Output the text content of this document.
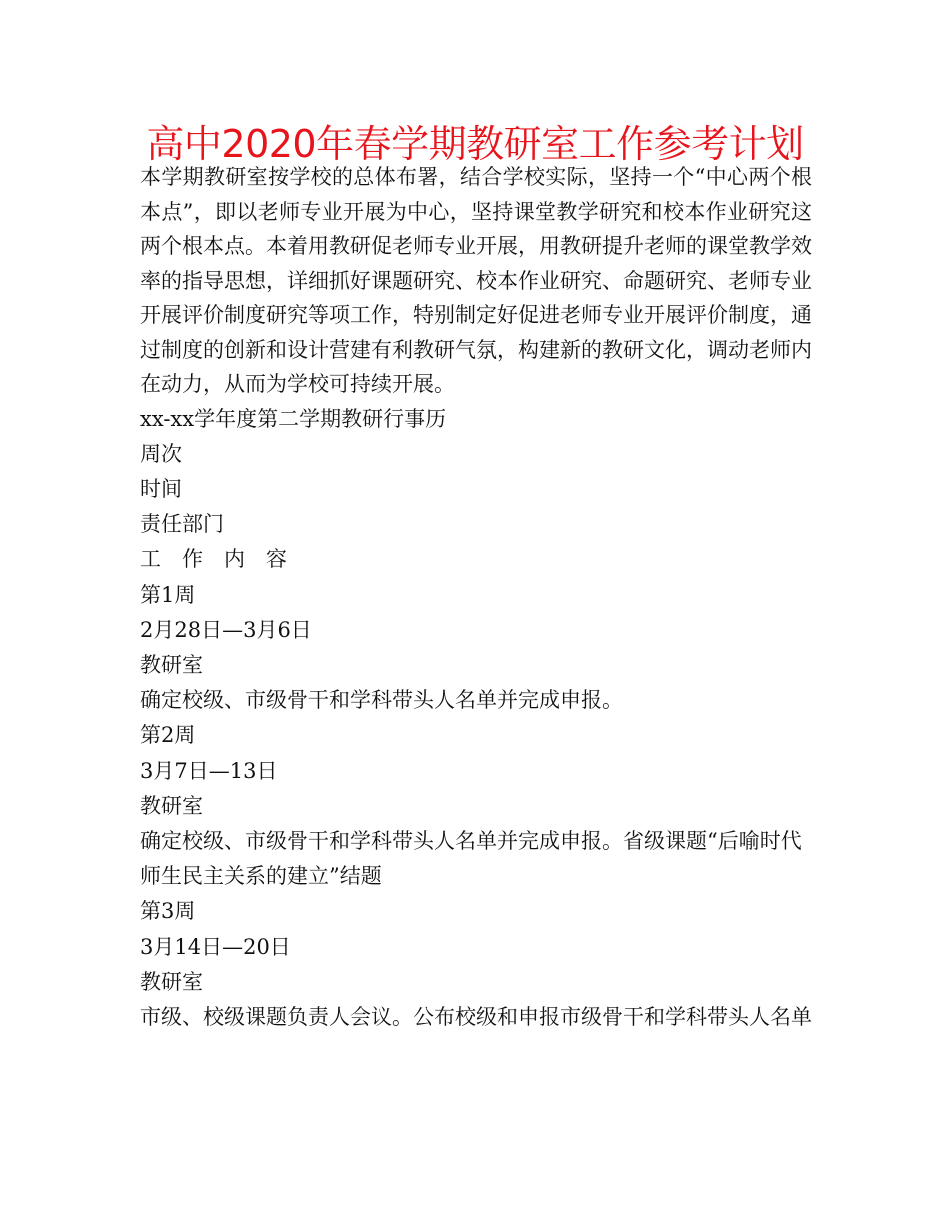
高中2020年春学期教研室工作参考计划

本学期教研室按学校的总体布署，结合学校实际，坚持一个“中心两个根本点”，即以老师专业开展为中心，坚持课堂教学研究和校本作业研究这两个根本点。本着用教研促老师专业开展，用教研提升老师的课堂教学效率的指导思想，详细抓好课题研究、校本作业研究、命题研究、老师专业开展评价制度研究等项工作，特别制定好促进老师专业开展评价制度，通过制度的创新和设计营建有利教研气氛，构建新的教研文化，调动老师内在动力，从而为学校可持续开展。

xx-xx学年度第二学期教研行事历

周次

时间

责任部门

工　作　内　容

第1周

2月28日—3月6日

教研室

确定校级、市级骨干和学科带头人名单并完成申报。

第2周

3月7日—13日

教研室

确定校级、市级骨干和学科带头人名单并完成申报。省级课题“后喻时代师生民主关系的建立”结题

第3周

3月14日—20日

教研室

市级、校级课题负责人会议。公布校级和申报市级骨干和学科带头人名单
